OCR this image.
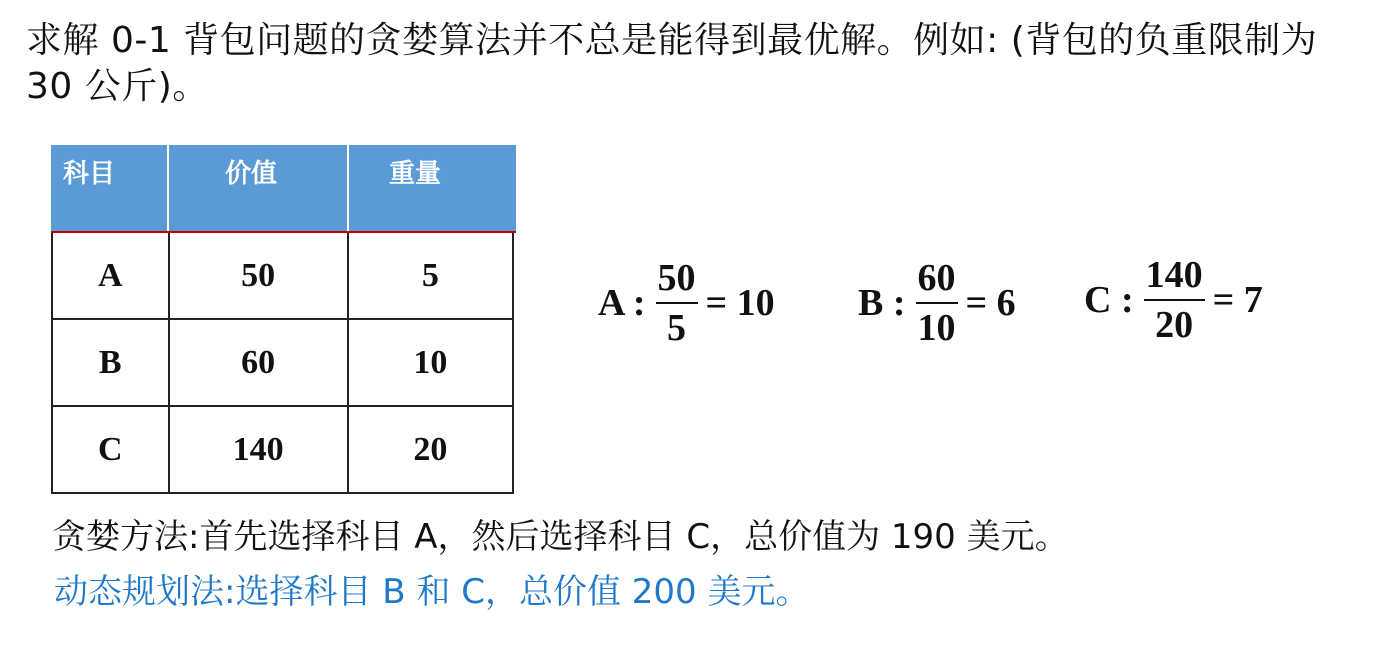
求解 0-1 背包问题的贪婪算法并不总是能得到最优解。例如: (背包的负重限制为 30 公斤)。
科目	价值	重量
A	50	5
B	60	10
C	140	20
A : $\frac{50}{5} = 10$ B : $\frac{60}{10} = 6$ C : $\frac{140}{20} = 7$
贪婪方法:首先选择科目 A，然后选择科目 C，总价值为 190 美元。
动态规划法:选择科目 B 和 C，总价值 200 美元。
